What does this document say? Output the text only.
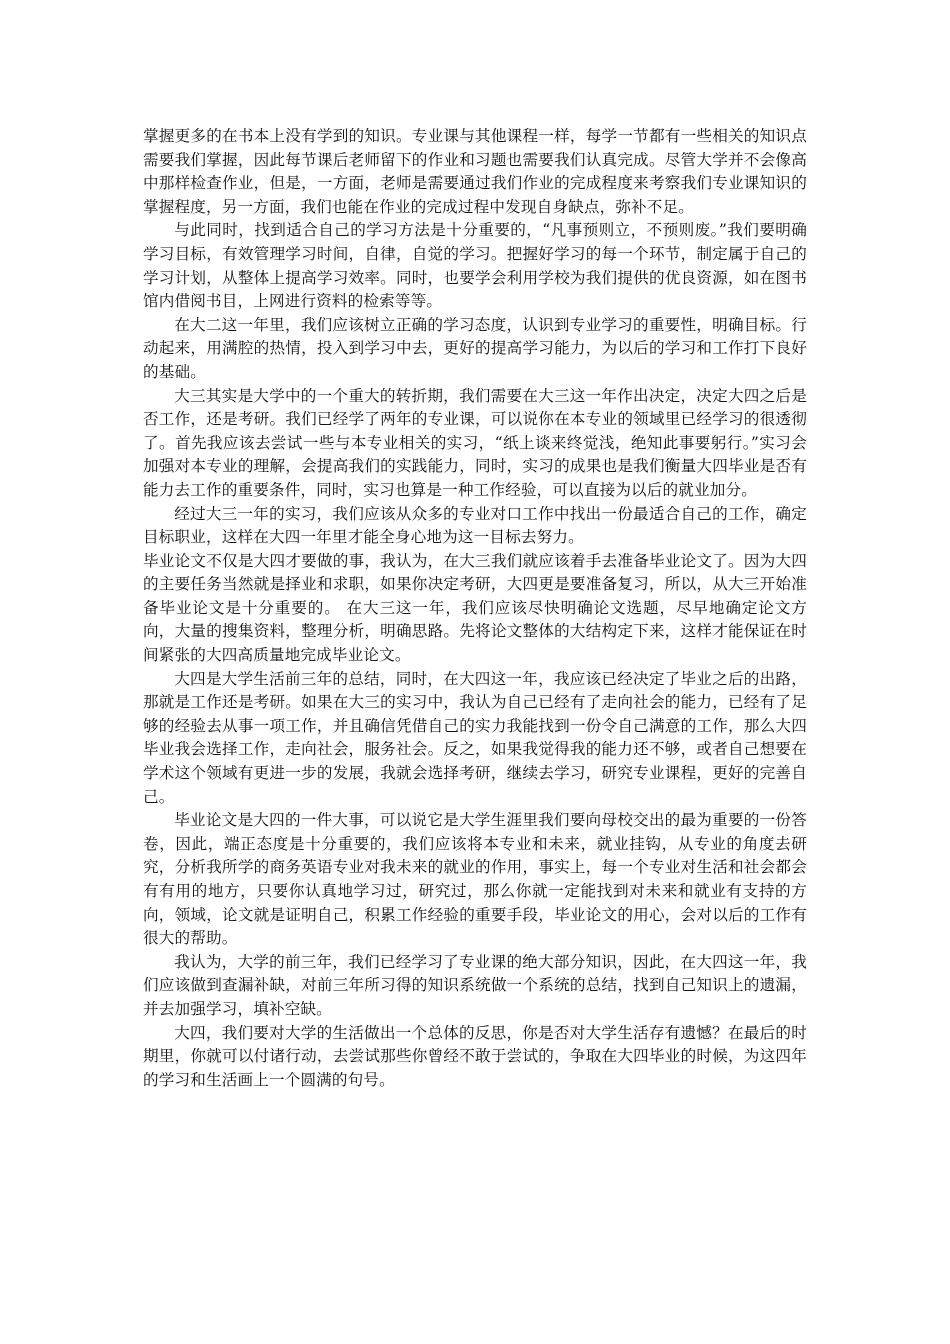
掌握更多的在书本上没有学到的知识。专业课与其他课程一样，每学一节都有一些相关的知识点需要我们掌握，因此每节课后老师留下的作业和习题也需要我们认真完成。尽管大学并不会像高中那样检查作业，但是，一方面，老师是需要通过我们作业的完成程度来考察我们专业课知识的掌握程度，另一方面，我们也能在作业的完成过程中发现自身缺点，弥补不足。

与此同时，找到适合自己的学习方法是十分重要的，“凡事预则立，不预则废。”我们要明确学习目标，有效管理学习时间，自律，自觉的学习。把握好学习的每一个环节，制定属于自己的学习计划，从整体上提高学习效率。同时，也要学会利用学校为我们提供的优良资源，如在图书馆内借阅书目，上网进行资料的检索等等。

在大二这一年里，我们应该树立正确的学习态度，认识到专业学习的重要性，明确目标。行动起来，用满腔的热情，投入到学习中去，更好的提高学习能力，为以后的学习和工作打下良好的基础。

大三其实是大学中的一个重大的转折期，我们需要在大三这一年作出决定，决定大四之后是否工作，还是考研。我们已经学了两年的专业课，可以说你在本专业的领域里已经学习的很透彻了。首先我应该去尝试一些与本专业相关的实习，“纸上谈来终觉浅，绝知此事要躬行。”实习会加强对本专业的理解，会提高我们的实践能力，同时，实习的成果也是我们衡量大四毕业是否有能力去工作的重要条件，同时，实习也算是一种工作经验，可以直接为以后的就业加分。

经过大三一年的实习，我们应该从众多的专业对口工作中找出一份最适合自己的工作，确定目标职业，这样在大四一年里才能全身心地为这一目标去努力。

毕业论文不仅是大四才要做的事，我认为，在大三我们就应该着手去准备毕业论文了。因为大四的主要任务当然就是择业和求职，如果你决定考研，大四更是要准备复习，所以，从大三开始准备毕业论文是十分重要的。 在大三这一年，我们应该尽快明确论文选题，尽早地确定论文方向，大量的搜集资料，整理分析，明确思路。先将论文整体的大结构定下来，这样才能保证在时间紧张的大四高质量地完成毕业论文。

大四是大学生活前三年的总结，同时，在大四这一年，我应该已经决定了毕业之后的出路，那就是工作还是考研。如果在大三的实习中，我认为自己已经有了走向社会的能力，已经有了足够的经验去从事一项工作，并且确信凭借自己的实力我能找到一份令自己满意的工作，那么大四毕业我会选择工作，走向社会，服务社会。反之，如果我觉得我的能力还不够，或者自己想要在学术这个领域有更进一步的发展，我就会选择考研，继续去学习，研究专业课程，更好的完善自己。

毕业论文是大四的一件大事，可以说它是大学生涯里我们要向母校交出的最为重要的一份答卷，因此，端正态度是十分重要的，我们应该将本专业和未来，就业挂钩，从专业的角度去研究，分析我所学的商务英语专业对我未来的就业的作用，事实上，每一个专业对生活和社会都会有有用的地方，只要你认真地学习过，研究过，那么你就一定能找到对未来和就业有支持的方向，领域，论文就是证明自己，积累工作经验的重要手段，毕业论文的用心，会对以后的工作有很大的帮助。

我认为，大学的前三年，我们已经学习了专业课的绝大部分知识，因此，在大四这一年，我们应该做到查漏补缺，对前三年所习得的知识系统做一个系统的总结，找到自己知识上的遗漏，并去加强学习，填补空缺。

大四，我们要对大学的生活做出一个总体的反思，你是否对大学生活存有遗憾？在最后的时期里，你就可以付诸行动，去尝试那些你曾经不敢于尝试的，争取在大四毕业的时候，为这四年的学习和生活画上一个圆满的句号。
